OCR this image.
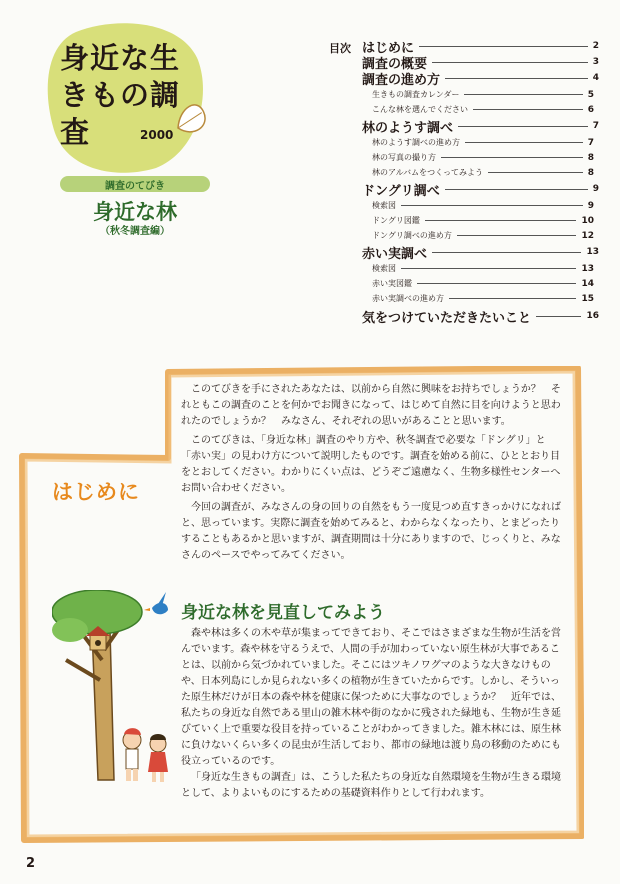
身近な生きもの調査	2000
調査のてびき
身近な林
（秋冬調査編）
目次 はじめに	2
調査の概要	3
調査の進め方	4
生きもの調査カレンダー	5
こんな林を選んでください	6
林のようす調べ	7
林のようす調べの進め方	7
林の写真の撮り方	8
林のアルバムをつくってみよう	8
ドングリ調べ	9
検索図	9
ドングリ図鑑	10
ドングリ調べの進め方	12
赤い実調べ	13
検索図	13
赤い実図鑑	14
赤い実調べの進め方	15
気をつけていただきたいこと	16
はじめに

このてびきを手にされたあなたは、以前から自然に興味をお持ちでしょうか？　それともこの調査のことを何かでお聞きになって、はじめて自然に目を向けようと思われたのでしょうか？　みなさん、それぞれの思いがあることと思います。

このてびきは、「身近な林」調査のやり方や、秋冬調査で必要な「ドングリ」と「赤い実」の見わけ方について説明したものです。調査を始める前に、ひととおり目をとおしてください。わかりにくい点は、どうぞご遠慮なく、生物多様性センターへお問い合わせください。

今回の調査が、みなさんの身の回りの自然をもう一度見つめ直すきっかけになればと、思っています。実際に調査を始めてみると、わからなくなったり、とまどったりすることもあるかと思いますが、調査期間は十分にありますので、じっくりと、みなさんのペースでやってみてください。

身近な林を見直してみよう

森や林は多くの木や草が集まってできており、そこではさまざまな生物が生活を営んでいます。森や林を守るうえで、人間の手が加わっていない原生林が大事であることは、以前から気づかれていました。そこにはツキノワグマのような大きなけものや、日本列島にしか見られない多くの植物が生きていたからです。しかし、そういった原生林だけが日本の森や林を健康に保つために大事なのでしょうか？　近年では、私たちの身近な自然である里山の雑木林や街のなかに残された緑地も、生物が生き延びていく上で重要な役目を持っていることがわかってきました。雑木林には、原生林に負けないくらい多くの昆虫が生活しており、都市の緑地は渡り鳥の移動のためにも役立っているのです。

「身近な生きもの調査」は、こうした私たちの身近な自然環境を生物が生きる環境として、よりよいものにするための基礎資料作りとして行われます。

2
